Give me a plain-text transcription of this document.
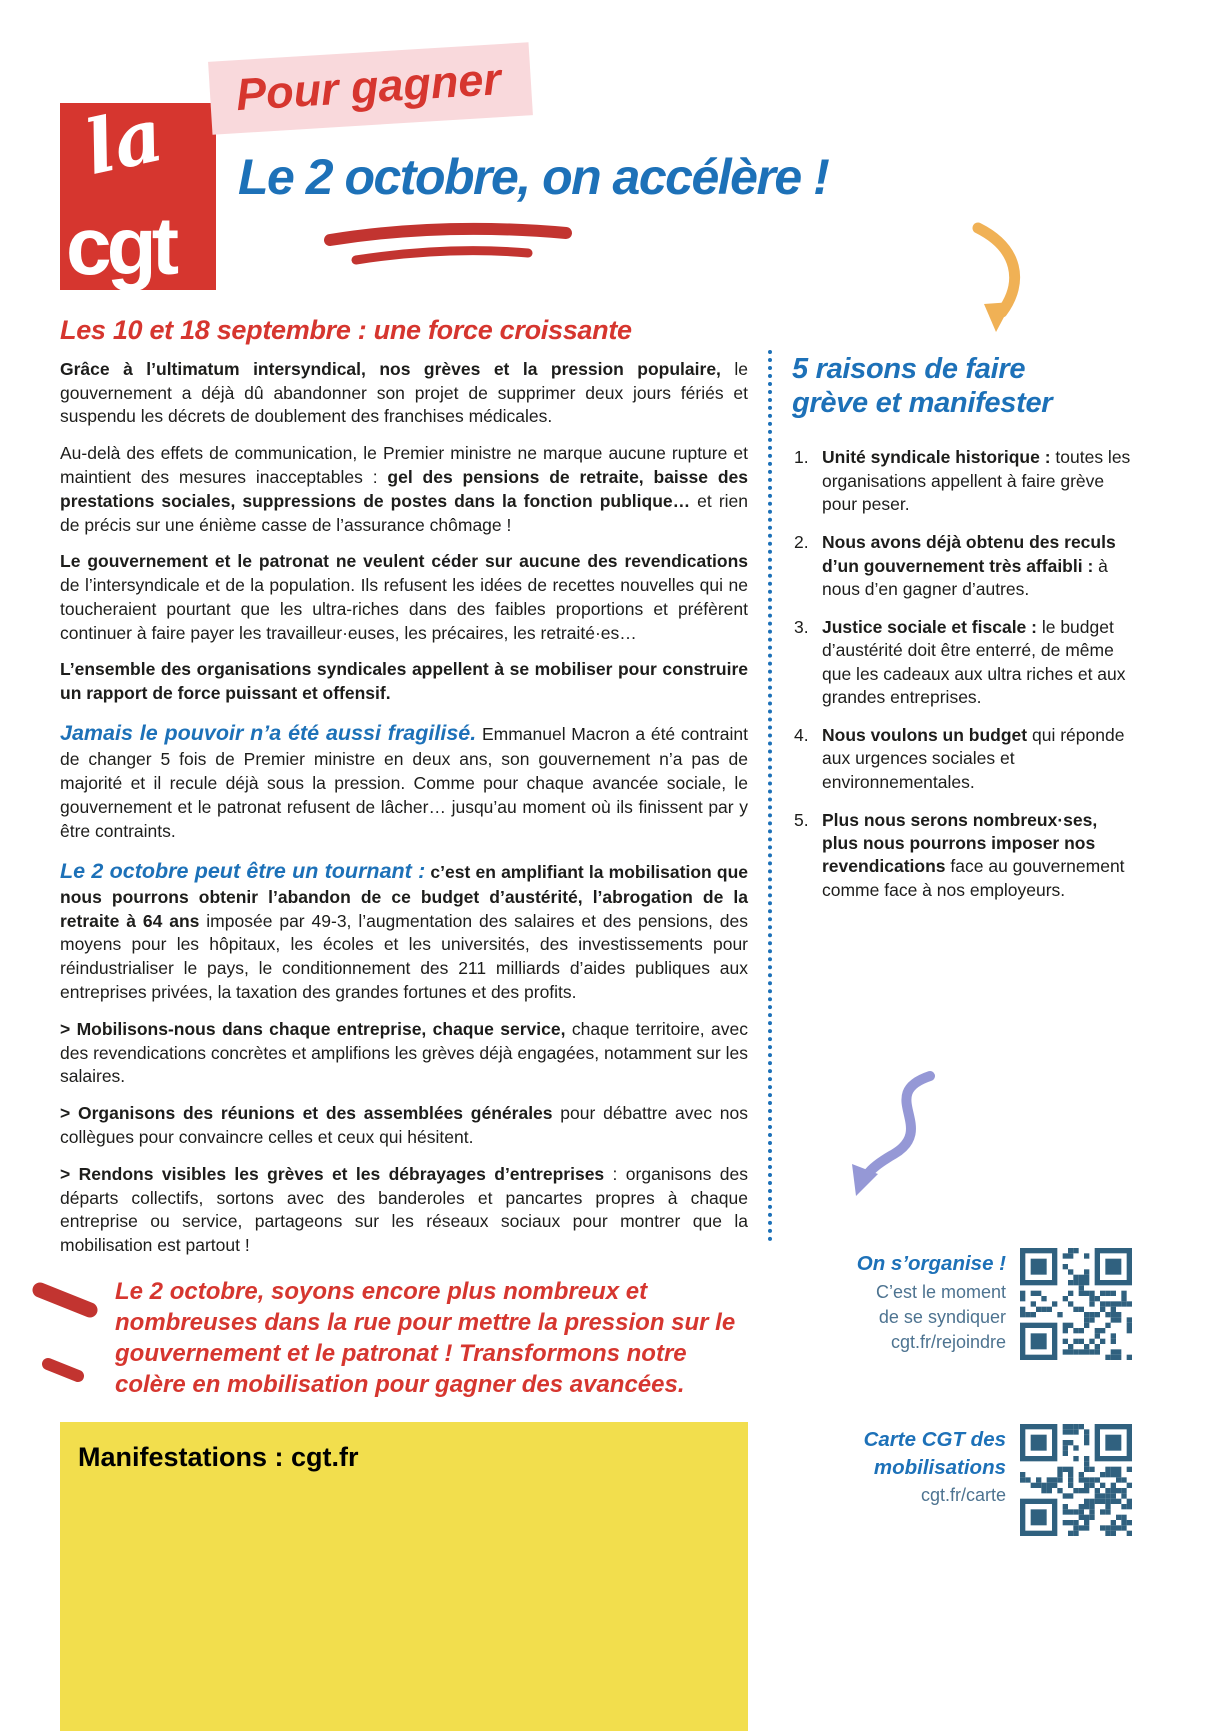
la
cgt
Pour gagner
Le 2 octobre, on accélère !
Les 10 et 18 septembre : une force croissante

Grâce à l’ultimatum intersyndical, nos grèves et la pression populaire, le gouvernement a déjà dû abandonner son projet de supprimer deux jours fériés et suspendu les décrets de doublement des franchises médicales.

Au-delà des effets de communication, le Premier ministre ne marque aucune rupture et maintient des mesures inacceptables : gel des pensions de retraite, baisse des prestations sociales, suppressions de postes dans la fonction publique… et rien de précis sur une énième casse de l’assurance chômage !

Le gouvernement et le patronat ne veulent céder sur aucune des revendications de l’intersyndicale et de la population. Ils refusent les idées de recettes nouvelles qui ne toucheraient pourtant que les ultra-riches dans des faibles proportions et préfèrent continuer à faire payer les travailleur·euses, les précaires, les retraité·es…

L’ensemble des organisations syndicales appellent à se mobiliser pour construire un rapport de force puissant et offensif.

Jamais le pouvoir n’a été aussi fragilisé. Emmanuel Macron a été contraint de changer 5 fois de Premier ministre en deux ans, son gouvernement n’a pas de majorité et il recule déjà sous la pression. Comme pour chaque avancée sociale, le gouvernement et le patronat refusent de lâcher… jusqu’au moment où ils finissent par y être contraints.

Le 2 octobre peut être un tournant : c’est en amplifiant la mobilisation que nous pourrons obtenir l’abandon de ce budget d’austérité, l’abrogation de la retraite à 64 ans imposée par 49-3, l’augmentation des salaires et des pensions, des moyens pour les hôpitaux, les écoles et les universités, des investissements pour réindustrialiser le pays, le conditionnement des 211 milliards d’aides publiques aux entreprises privées, la taxation des grandes fortunes et des profits.

> Mobilisons-nous dans chaque entreprise, chaque service, chaque territoire, avec des revendications concrètes et amplifions les grèves déjà engagées, notamment sur les salaires.

> Organisons des réunions et des assemblées générales pour débattre avec nos collègues pour convaincre celles et ceux qui hésitent.

> Rendons visibles les grèves et les débrayages d’entreprises : organisons des départs collectifs, sortons avec des banderoles et pancartes propres à chaque entreprise ou service, partageons sur les réseaux sociaux pour montrer que la mobilisation est partout !

Le 2 octobre, soyons encore plus nombreux et nombreuses dans la rue pour mettre la pression sur le gouvernement et le patronat ! Transformons notre colère en mobilisation pour gagner des avancées.
5 raisons de faire
grève et manifester
1. Unité syndicale historique : toutes les organisations appellent à faire grève pour peser.
2. Nous avons déjà obtenu des reculs d’un gouvernement très affaibli : à nous d’en gagner d’autres.
3. Justice sociale et fiscale : le budget d’austérité doit être enterré, de même que les cadeaux aux ultra riches et aux grandes entreprises.
4. Nous voulons un budget qui réponde aux urgences sociales et environnementales.
5. Plus nous serons nombreux·ses, plus nous pourrons imposer nos revendications face au gouvernement comme face à nos employeurs.
On s’organise !
C’est le moment
de se syndiquer
cgt.fr/rejoindre
Carte CGT des
mobilisations
cgt.fr/carte
Manifestations : cgt.fr
